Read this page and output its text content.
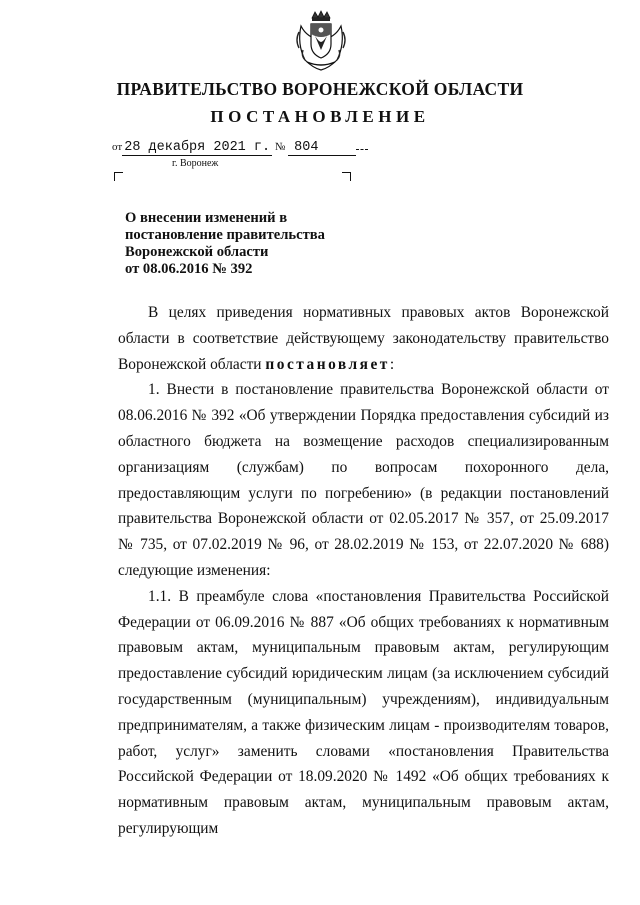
ПРАВИТЕЛЬСТВО ВОРОНЕЖСКОЙ ОБЛАСТИ
ПОСТАНОВЛЕНИЕ
от 28 декабря 2021 г. № 804
г. Воронеж
О внесении изменений в
постановление правительства
Воронежской области
от 08.06.2016 № 392

В целях приведения нормативных правовых актов Воронежской области в соответствие действующему законодательству правительство Воронежской области постановляет:

1. Внести в постановление правительства Воронежской области от 08.06.2016 № 392 «Об утверждении Порядка предоставления субсидий из областного бюджета на возмещение расходов специализированным организациям (службам) по вопросам похоронного дела, предоставляющим услуги по погребению» (в редакции постановлений правительства Воронежской области от 02.05.2017 № 357, от 25.09.2017 № 735, от 07.02.2019 № 96, от 28.02.2019 № 153, от 22.07.2020 № 688) следующие изменения:

1.1. В преамбуле слова «постановления Правительства Российской Федерации от 06.09.2016 № 887 «Об общих требованиях к нормативным правовым актам, муниципальным правовым актам, регулирующим предоставление субсидий юридическим лицам (за исключением субсидий государственным (муниципальным) учреждениям), индивидуальным предпринимателям, а также физическим лицам - производителям товаров, работ, услуг» заменить словами «постановления Правительства Российской Федерации от 18.09.2020 № 1492 «Об общих требованиях к нормативным правовым актам, муниципальным правовым актам, регулирующим
